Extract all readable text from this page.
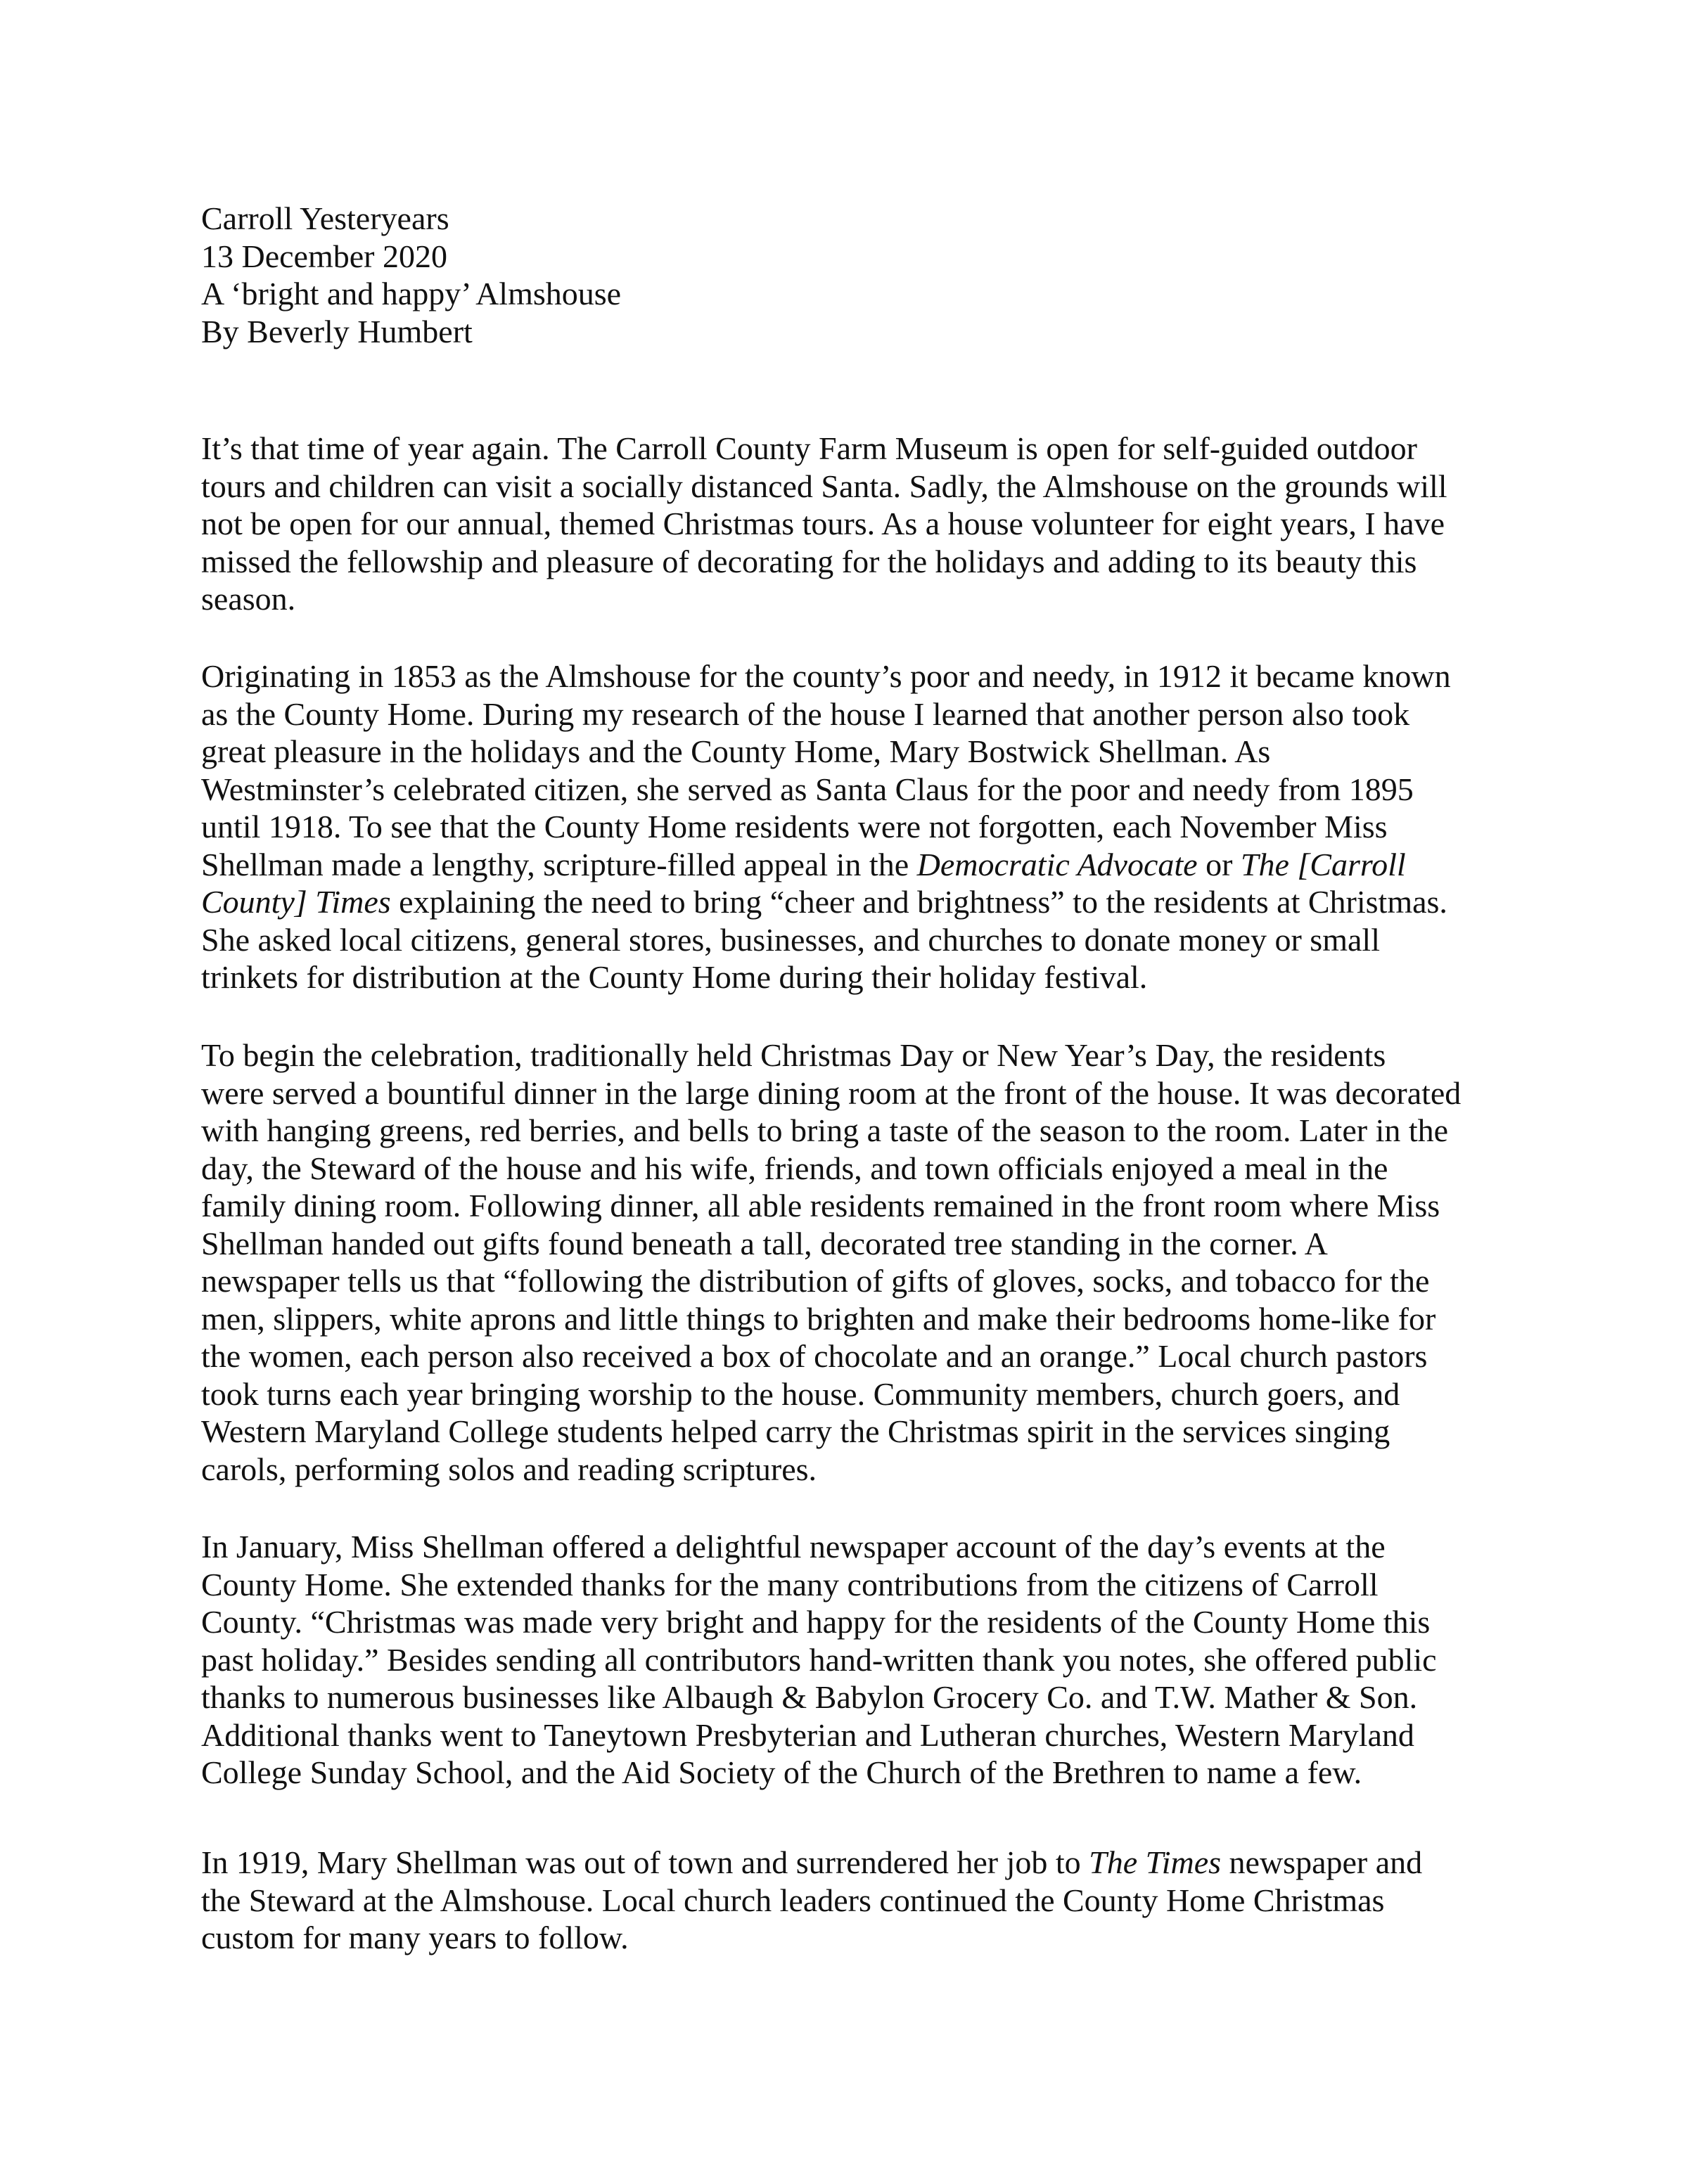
Carroll Yesteryears
13 December 2020
A ‘bright and happy’ Almshouse
By Beverly Humbert
It’s that time of year again. The Carroll County Farm Museum is open for self-guided outdoor
tours and children can visit a socially distanced Santa. Sadly, the Almshouse on the grounds will
not be open for our annual, themed Christmas tours. As a house volunteer for eight years, I have
missed the fellowship and pleasure of decorating for the holidays and adding to its beauty this
season.
Originating in 1853 as the Almshouse for the county’s poor and needy, in 1912 it became known
as the County Home. During my research of the house I learned that another person also took
great pleasure in the holidays and the County Home, Mary Bostwick Shellman. As
Westminster’s celebrated citizen, she served as Santa Claus for the poor and needy from 1895
until 1918. To see that the County Home residents were not forgotten, each November Miss
Shellman made a lengthy, scripture-filled appeal in the Democratic Advocate or The [Carroll
County] Times explaining the need to bring “cheer and brightness” to the residents at Christmas.
She asked local citizens, general stores, businesses, and churches to donate money or small
trinkets for distribution at the County Home during their holiday festival.
To begin the celebration, traditionally held Christmas Day or New Year’s Day, the residents
were served a bountiful dinner in the large dining room at the front of the house. It was decorated
with hanging greens, red berries, and bells to bring a taste of the season to the room. Later in the
day, the Steward of the house and his wife, friends, and town officials enjoyed a meal in the
family dining room. Following dinner, all able residents remained in the front room where Miss
Shellman handed out gifts found beneath a tall, decorated tree standing in the corner. A
newspaper tells us that “following the distribution of gifts of gloves, socks, and tobacco for the
men, slippers, white aprons and little things to brighten and make their bedrooms home-like for
the women, each person also received a box of chocolate and an orange.” Local church pastors
took turns each year bringing worship to the house. Community members, church goers, and
Western Maryland College students helped carry the Christmas spirit in the services singing
carols, performing solos and reading scriptures.
In January, Miss Shellman offered a delightful newspaper account of the day’s events at the
County Home. She extended thanks for the many contributions from the citizens of Carroll
County. “Christmas was made very bright and happy for the residents of the County Home this
past holiday.” Besides sending all contributors hand-written thank you notes, she offered public
thanks to numerous businesses like Albaugh & Babylon Grocery Co. and T.W. Mather & Son.
Additional thanks went to Taneytown Presbyterian and Lutheran churches, Western Maryland
College Sunday School, and the Aid Society of the Church of the Brethren to name a few.
In 1919, Mary Shellman was out of town and surrendered her job to The Times newspaper and
the Steward at the Almshouse. Local church leaders continued the County Home Christmas
custom for many years to follow.
